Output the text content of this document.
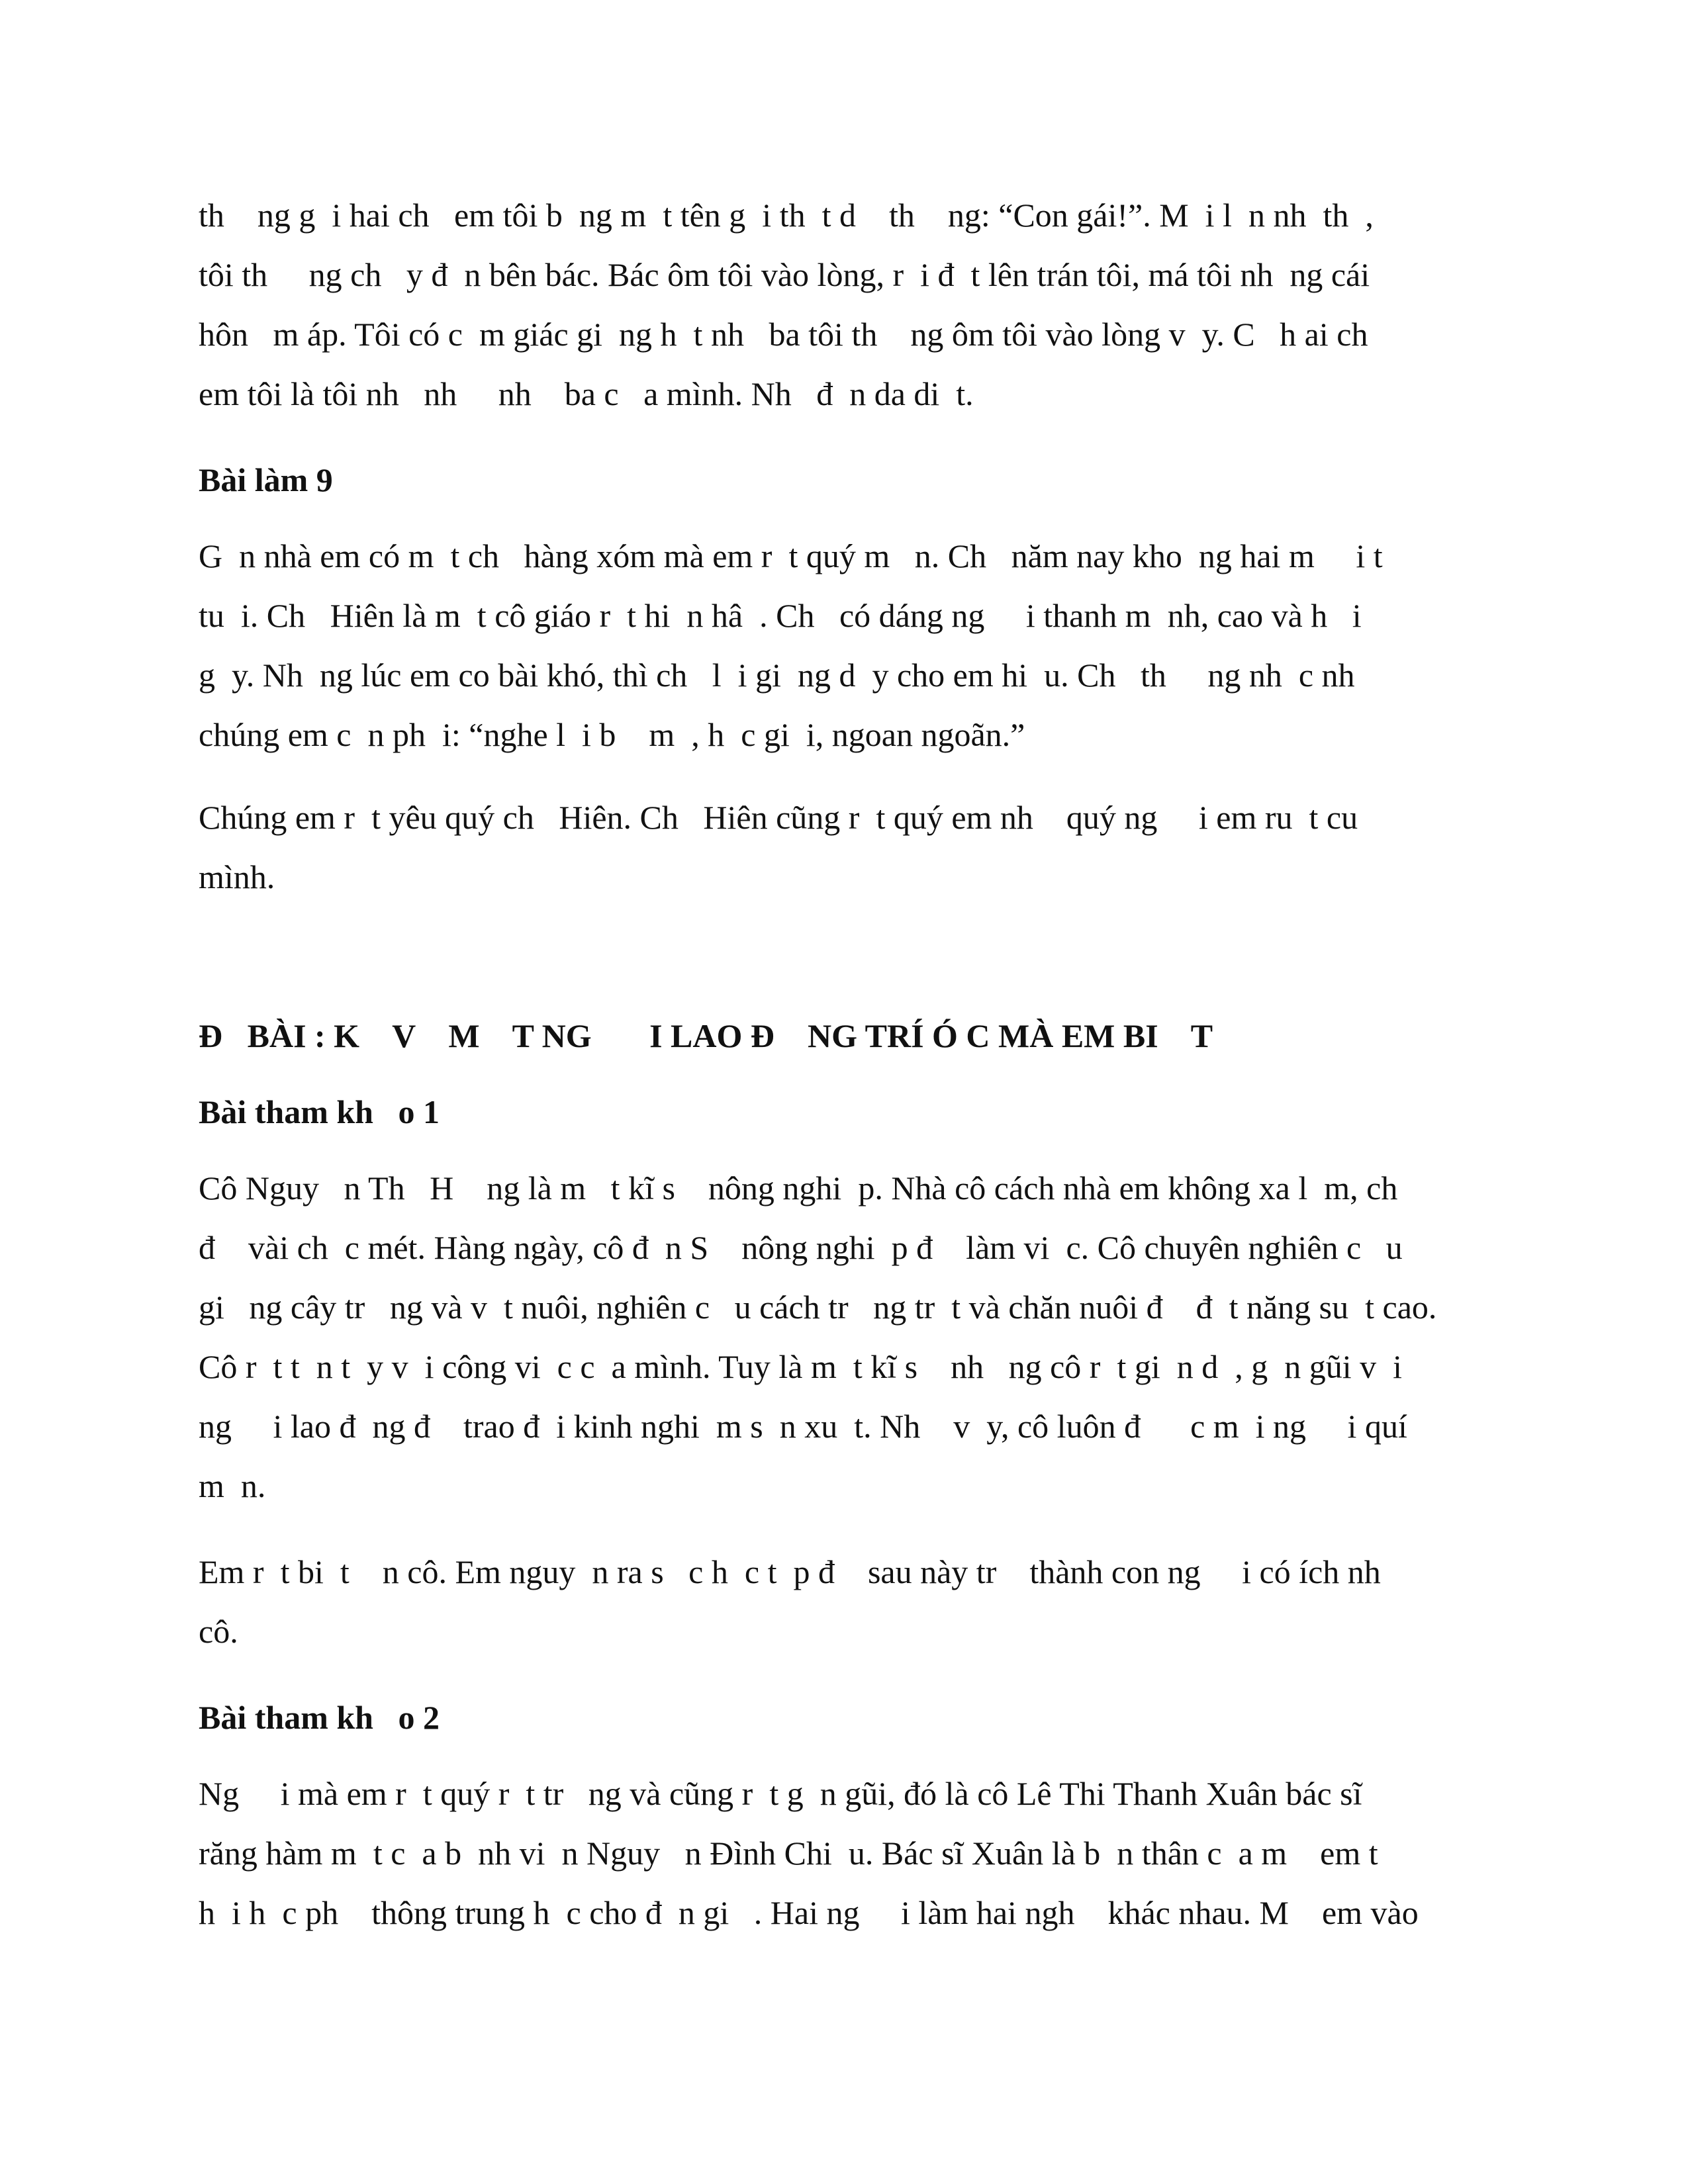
th    ng g  i hai ch   em tôi b  ng m  t tên g  i th  t d    th    ng: “Con gái!”. M  i l  n nh  th  ,
tôi th     ng ch   y đ  n bên bác. Bác ôm tôi vào lòng, r  i đ  t lên trán tôi, má tôi nh  ng cái
hôn   m áp. Tôi có c  m giác gi  ng h  t nh   ba tôi th    ng ôm tôi vào lòng v  y. C   h ai ch
em tôi là tôi nh   nh     nh    ba c   a mình. Nh   đ  n da di  t.
Bài làm 9
G  n nhà em có m  t ch   hàng xóm mà em r  t quý m   n. Ch   năm nay kho  ng hai m     i t
tu  i. Ch   Hiên là m  t cô giáo r  t hi  n hâ  . Ch   có dáng ng     i thanh m  nh, cao và h   i
g  y. Nh  ng lúc em co bài khó, thì ch   l  i gi  ng d  y cho em hi  u. Ch   th     ng nh  c nh
chúng em c  n ph  i: “nghe l  i b    m  , h  c gi  i, ngoan ngoãn.”
Chúng em r  t yêu quý ch   Hiên. Ch   Hiên cũng r  t quý em nh    quý ng     i em ru  t cu
mình.
Đ   BÀI : K    V    M    T NG       I LAO Đ    NG TRÍ Ó C MÀ EM BI    T
Bài tham kh   o 1
Cô Nguy   n Th   H    ng là m   t kĩ s    nông nghi  p. Nhà cô cách nhà em không xa l  m, ch
đ    vài ch  c mét. Hàng ngày, cô đ  n S    nông nghi  p đ    làm vi  c. Cô chuyên nghiên c   u
gi   ng cây tr   ng và v  t nuôi, nghiên c   u cách tr   ng tr  t và chăn nuôi đ    đ  t năng su  t cao.
Cô r  t t  n t  y v  i công vi  c c  a mình. Tuy là m  t kĩ s    nh   ng cô r  t gi  n d  , g  n gũi v  i
ng     i lao đ  ng đ    trao đ  i kinh nghi  m s  n xu  t. Nh    v  y, cô luôn đ      c m  i ng     i quí
m  n.
Em r  t bi  t    n cô. Em nguy  n ra s   c h  c t  p đ    sau này tr    thành con ng     i có ích nh
cô.
Bài tham kh   o 2
Ng     i mà em r  t quý r  t tr   ng và cũng r  t g  n gũi, đó là cô Lê Thi Thanh Xuân bác sĩ
răng hàm m  t c  a b  nh vi  n Nguy   n Đình Chi  u. Bác sĩ Xuân là b  n thân c  a m    em t
h  i h  c ph    thông trung h  c cho đ  n gi   . Hai ng     i làm hai ngh    khác nhau. M    em vào
